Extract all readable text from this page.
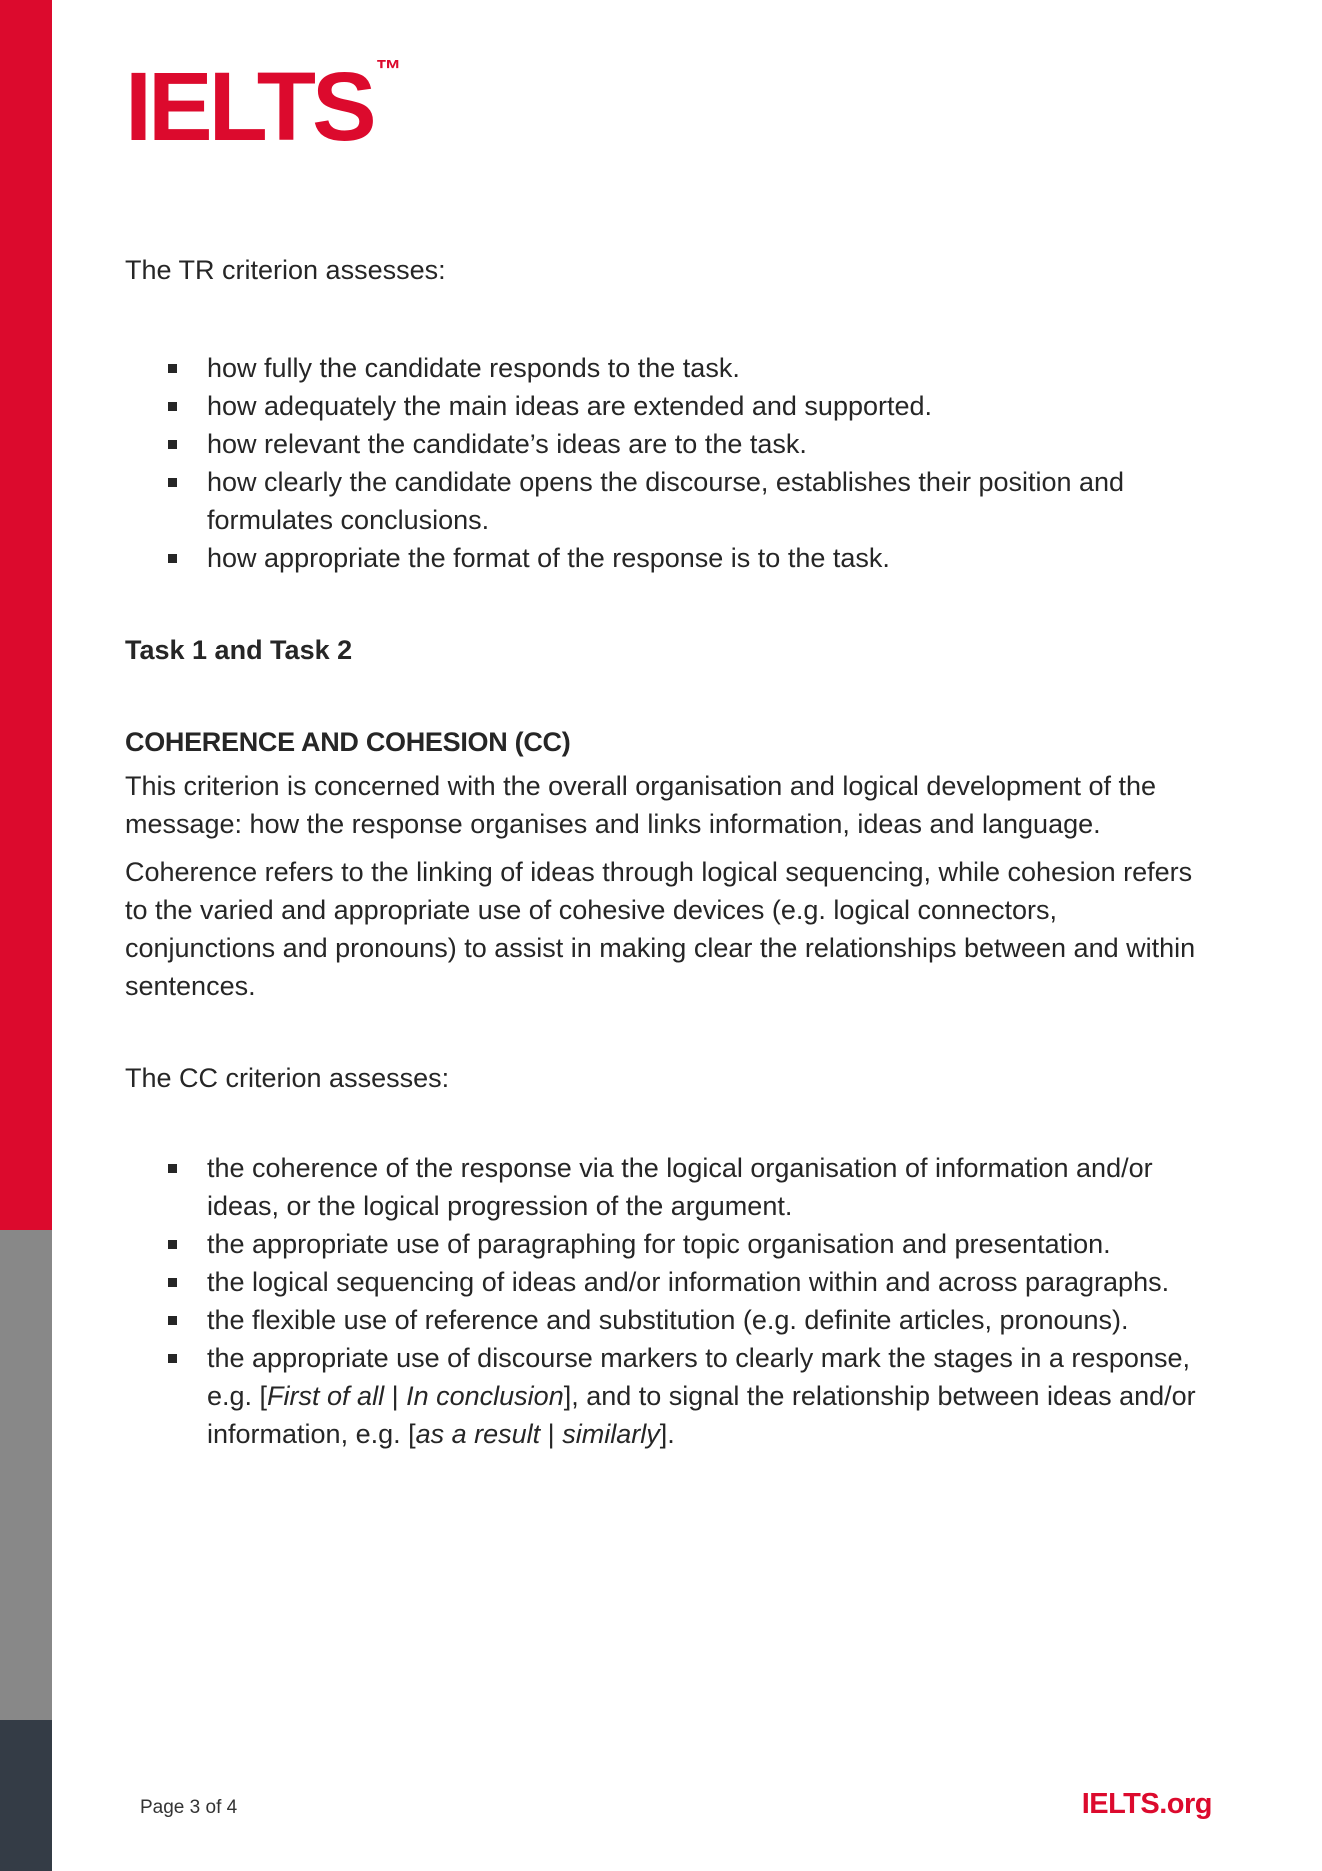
IELTS ™

The TR criterion assesses:

how fully the candidate responds to the task.
how adequately the main ideas are extended and supported.
how relevant the candidate’s ideas are to the task.
how clearly the candidate opens the discourse, establishes their position and formulates conclusions.
how appropriate the format of the response is to the task.
Task 1 and Task 2
COHERENCE AND COHESION (CC)

This criterion is concerned with the overall organisation and logical development of the message: how the response organises and links information, ideas and language.

Coherence refers to the linking of ideas through logical sequencing, while cohesion refers to the varied and appropriate use of cohesive devices (e.g. logical connectors, conjunctions and pronouns) to assist in making clear the relationships between and within sentences.

The CC criterion assesses:

the coherence of the response via the logical organisation of information and/or ideas, or the logical progression of the argument.
the appropriate use of paragraphing for topic organisation and presentation.
the logical sequencing of ideas and/or information within and across paragraphs.
the flexible use of reference and substitution (e.g. definite articles, pronouns).
the appropriate use of discourse markers to clearly mark the stages in a response, e.g. [First of all | In conclusion], and to signal the relationship between ideas and/or information, e.g. [as a result | similarly].
Page 3 of 4	IELTS.org
